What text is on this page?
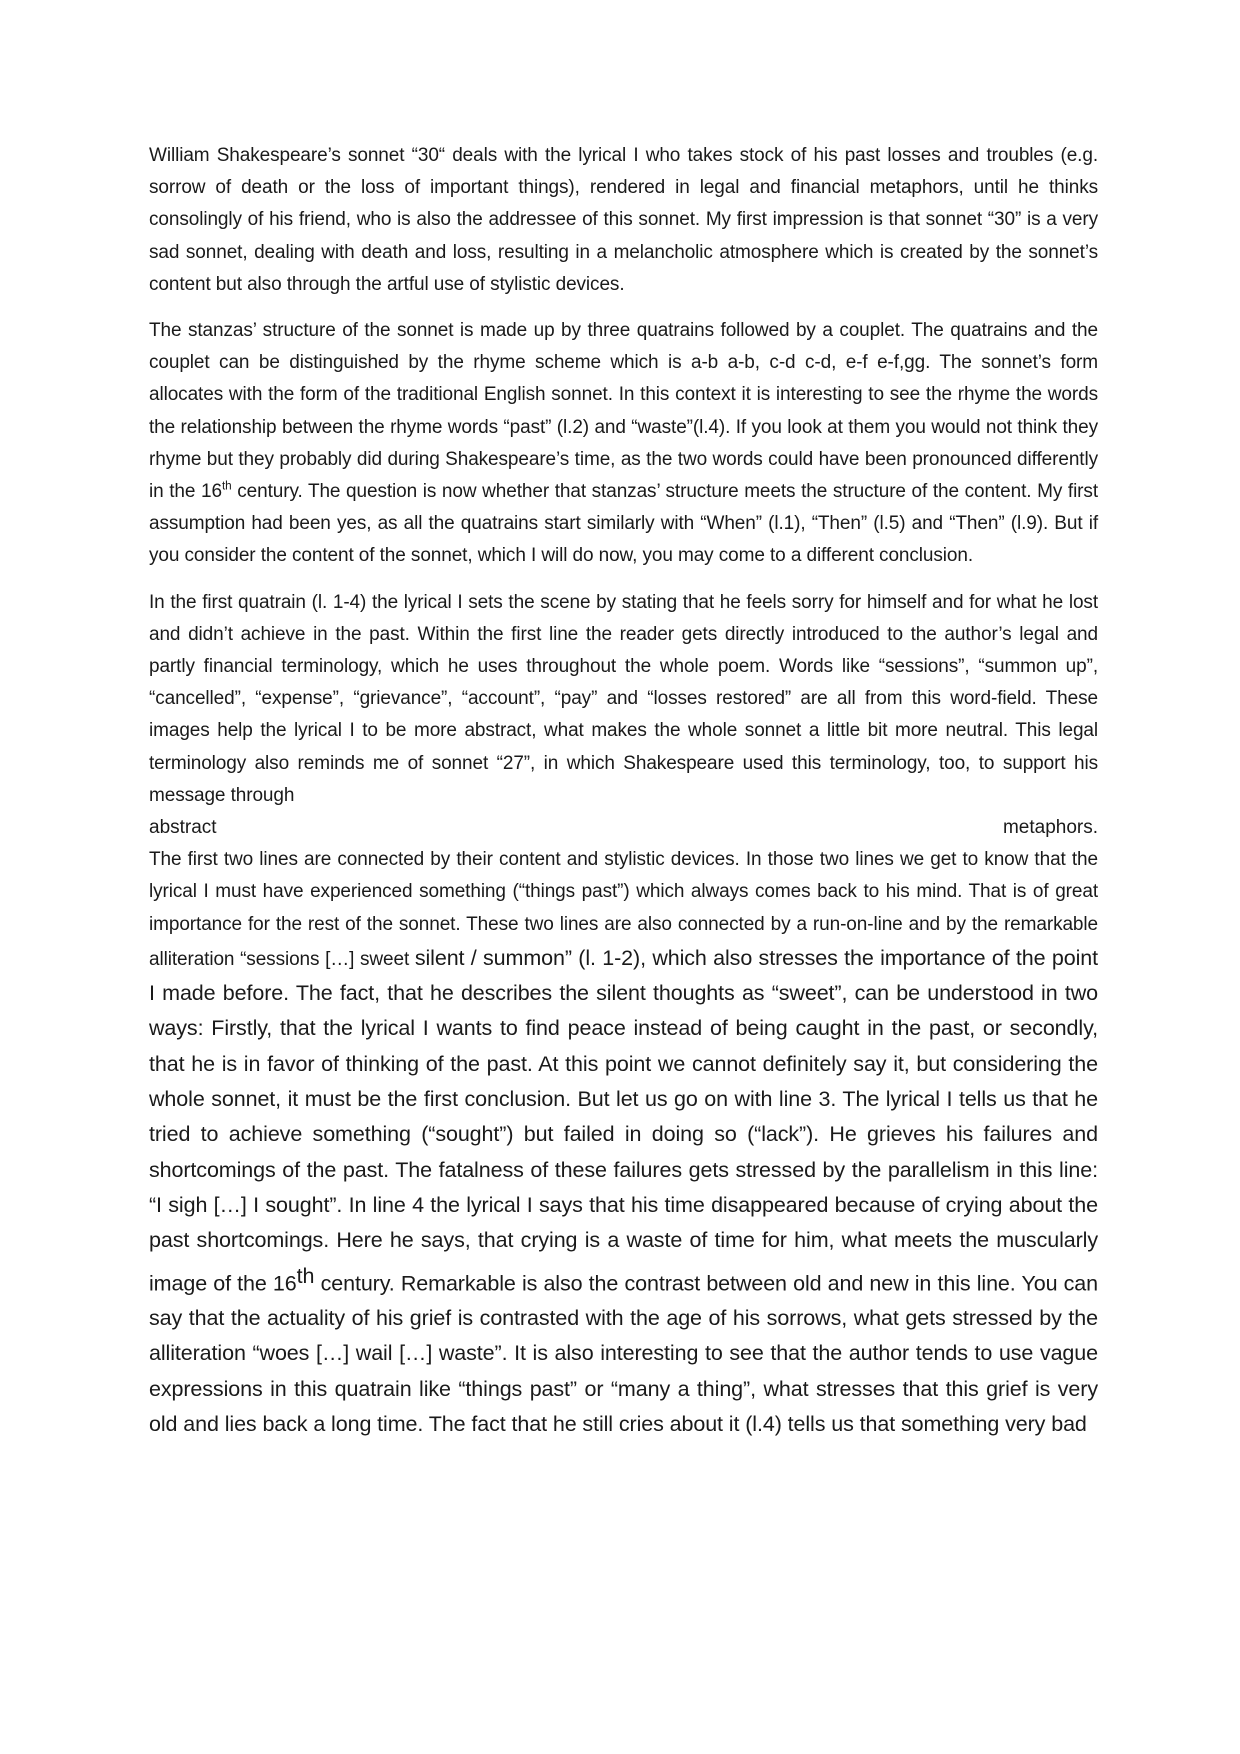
William Shakespeare’s sonnet “30“ deals with the lyrical I who takes stock of his past losses and troubles (e.g. sorrow of death or the loss of important things), rendered in legal and financial metaphors, until he thinks consolingly of his friend, who is also the addressee of this sonnet. My first impression is that sonnet “30” is a very sad sonnet, dealing with death and loss, resulting in a melancholic atmosphere which is created by the sonnet’s content but also through the artful use of stylistic devices.

The stanzas’ structure of the sonnet is made up by three quatrains followed by a couplet. The quatrains and the couplet can be distinguished by the rhyme scheme which is a-b a-b, c-d c-d, e-f e-f,gg. The sonnet’s form allocates with the form of the traditional English sonnet. In this context it is interesting to see the rhyme the words the relationship between the rhyme words “past” (l.2) and “waste”(l.4). If you look at them you would not think they rhyme but they probably did during Shakespeare’s time, as the two words could have been pronounced differently in the 16th century. The question is now whether that stanzas’ structure meets the structure of the content. My first assumption had been yes, as all the quatrains start similarly with “When” (l.1), “Then” (l.5) and “Then” (l.9). But if you consider the content of the sonnet, which I will do now, you may come to a different conclusion.

In the first quatrain (l. 1-4) the lyrical I sets the scene by stating that he feels sorry for himself and for what he lost and didn’t achieve in the past. Within the first line the reader gets directly introduced to the author’s legal and partly financial terminology, which he uses throughout the whole poem. Words like “sessions”, “summon up”, “cancelled”, “expense”, “grievance”, “account”, “pay” and “losses restored” are all from this word-field. These images help the lyrical I to be more abstract, what makes the whole sonnet a little bit more neutral. This legal terminology also reminds me of sonnet “27”, in which Shakespeare used this terminology, too, to support his message through

abstract	metaphors.

The first two lines are connected by their content and stylistic devices. In those two lines we get to know that the lyrical I must have experienced something (“things past”) which always comes back to his mind. That is of great importance for the rest of the sonnet. These two lines are also connected by a run-on-line and by the remarkable alliteration “sessions […] sweet silent / summon” (l. 1-2), which also stresses the importance of the point I made before. The fact, that he describes the silent thoughts as “sweet”, can be understood in two ways: Firstly, that the lyrical I wants to find peace instead of being caught in the past, or secondly, that he is in favor of thinking of the past. At this point we cannot definitely say it, but considering the whole sonnet, it must be the first conclusion. But let us go on with line 3. The lyrical I tells us that he tried to achieve something (“sought”) but failed in doing so (“lack”). He grieves his failures and shortcomings of the past. The fatalness of these failures gets stressed by the parallelism in this line: “I sigh […] I sought”. In line 4 the lyrical I says that his time disappeared because of crying about the past shortcomings. Here he says, that crying is a waste of time for him, what meets the muscularly image of the 16th century. Remarkable is also the contrast between old and new in this line. You can say that the actuality of his grief is contrasted with the age of his sorrows, what gets stressed by the alliteration “woes […] wail […] waste”. It is also interesting to see that the author tends to use vague expressions in this quatrain like “things past” or “many a thing”, what stresses that this grief is very old and lies back a long time. The fact that he still cries about it (l.4) tells us that something very bad
